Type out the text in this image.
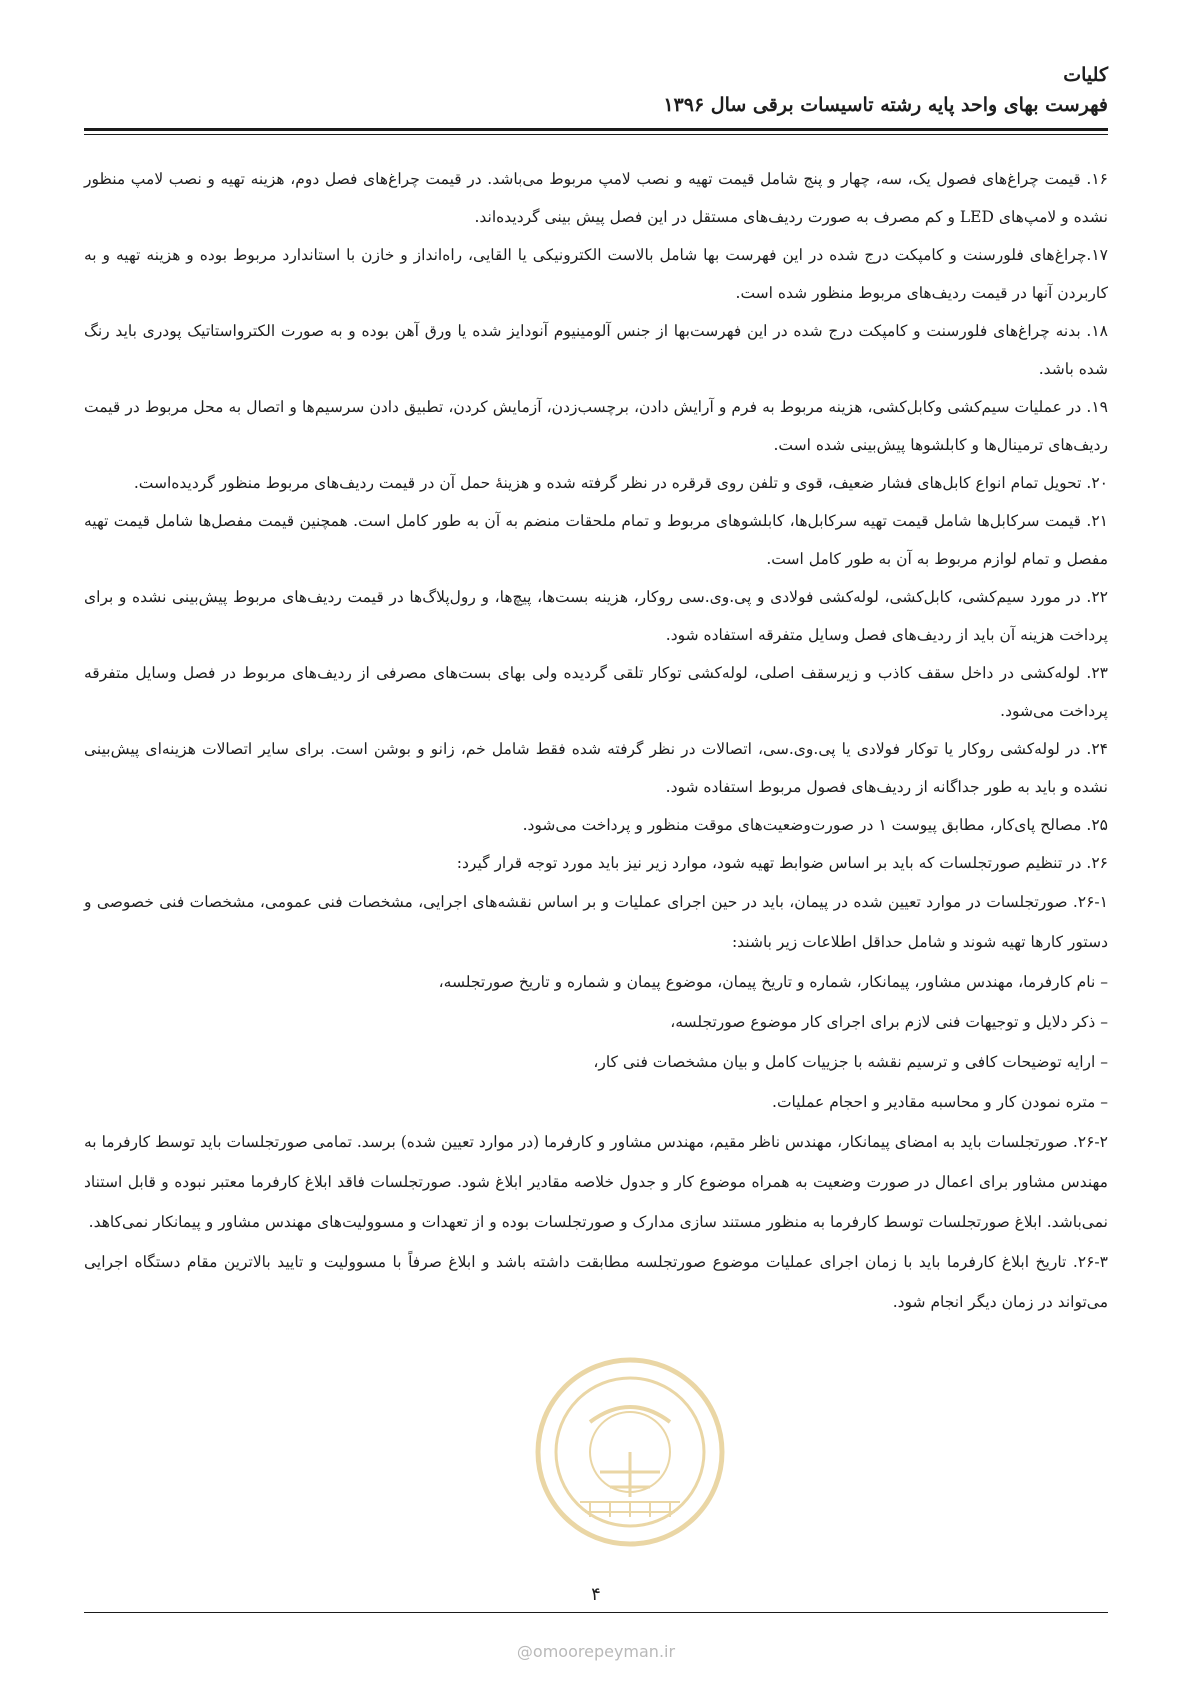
کلیات
فهرست بهای واحد پایه رشته تاسیسات برقی سال ۱۳۹۶

۱۶. قیمت چراغ‌های فصول یک، سه، چهار و پنج شامل قیمت تهیه و نصب لامپ مربوط می‌باشد. در قیمت چراغ‌های فصل دوم، هزینه تهیه و نصب لامپ منظور نشده و لامپ‌های LED و کم مصرف به صورت ردیف‌های مستقل در این فصل پیش بینی گردیده‌اند.

۱۷.چراغ‌های فلورسنت و کامپکت درج شده در این فهرست بها شامل بالاست الکترونیکی یا القایی، راه‌انداز و خازن با استاندارد مربوط بوده و هزینه تهیه و به کاربردن آنها در قیمت ردیف‌های مربوط منظور شده است.

۱۸. بدنه چراغ‌های فلورسنت و کامپکت درج شده در این فهرست‌بها از جنس آلومینیوم آنودایز شده یا ورق آهن بوده و به صورت الکترواستاتیک پودری باید رنگ شده باشد.

۱۹. در عملیات سیم‌کشی وکابل‌کشی، هزینه مربوط به فرم و آرایش دادن، برچسب‌زدن، آزمایش کردن، تطبیق دادن سرسیم‌ها و اتصال به محل مربوط در قیمت ردیف‌های ترمینال‌ها و کابلشوها پیش‌بینی شده است.

۲۰. تحویل تمام انواع کابل‌های فشار ضعیف، قوی و تلفن روی قرقره در نظر گرفته شده و هزینهٔ حمل آن در قیمت ردیف‌های مربوط منظور گردیده‌است.

۲۱. قیمت سرکابل‌ها شامل قیمت تهیه سرکابل‌ها، کابلشوهای مربوط و تمام ملحقات منضم به آن به طور کامل است. همچنین قیمت مفصل‌ها شامل قیمت تهیه مفصل و تمام لوازم مربوط به آن به طور کامل است.

۲۲. در مورد سیم‌کشی، کابل‌کشی، لوله‌کشی فولادی و پی.وی.سی روکار، هزینه بست‌ها، پیچ‌ها، و رول‌پلاگ‌ها در قیمت ردیف‌های مربوط پیش‌بینی نشده و برای پرداخت هزینه آن باید از ردیف‌های فصل وسایل متفرقه استفاده شود.

۲۳. لوله‌کشی در داخل سقف کاذب و زیرسقف اصلی، لوله‌کشی توکار تلقی گردیده ولی بهای بست‌های مصرفی از ردیف‌های مربوط در فصل وسایل متفرقه پرداخت می‌شود.

۲۴. در لوله‌کشی روکار یا توکار فولادی یا پی.وی.سی، اتصالات در نظر گرفته شده فقط شامل خم، زانو و بوشن است. برای سایر اتصالات هزینه‌ای پیش‌بینی نشده و باید به طور جداگانه از ردیف‌های فصول مربوط استفاده شود.

۲۵. مصالح پای‌کار، مطابق پیوست ۱ در صورت‌وضعیت‌های موقت منظور و پرداخت می‌شود.

۲۶. در تنظیم صورتجلسات که باید بر اساس ضوابط تهیه شود، موارد زیر نیز باید مورد توجه قرار گیرد:

۲۶-۱. صورتجلسات در موارد تعیین شده در پیمان، باید در حین اجرای عملیات و بر اساس نقشه‌های اجرایی، مشخصات فنی عمومی، مشخصات فنی خصوصی و دستور کارها تهیه شوند و شامل حداقل اطلاعات زیر باشند:

– نام کارفرما، مهندس مشاور، پیمانکار، شماره و تاریخ پیمان، موضوع پیمان و شماره و تاریخ صورتجلسه،

– ذکر دلایل و توجیهات فنی لازم برای اجرای کار موضوع صورتجلسه،

– ارایه توضیحات کافی و ترسیم نقشه با جزییات کامل و بیان مشخصات فنی کار،

– متره نمودن کار و محاسبه مقادیر و احجام عملیات.

۲۶-۲. صورتجلسات باید به امضای پیمانکار، مهندس ناظر مقیم، مهندس مشاور و کارفرما (در موارد تعیین شده) برسد. تمامی صورتجلسات باید توسط کارفرما به مهندس مشاور برای اعمال در صورت وضعیت به همراه موضوع کار و جدول خلاصه مقادیر ابلاغ شود. صورتجلسات فاقد ابلاغ کارفرما معتبر نبوده و قابل استناد نمی‌باشد. ابلاغ صورتجلسات توسط کارفرما به منظور مستند سازی مدارک و صورتجلسات بوده و از تعهدات و مسوولیت‌های مهندس مشاور و پیمانکار نمی‌کاهد.

۲۶-۳. تاریخ ابلاغ کارفرما باید با زمان اجرای عملیات موضوع صورتجلسه مطابقت داشته باشد و ابلاغ صرفاً با مسوولیت و تایید بالاترین مقام دستگاه اجرایی می‌تواند در زمان دیگر انجام شود.

۴
@omoorepeyman.ir
